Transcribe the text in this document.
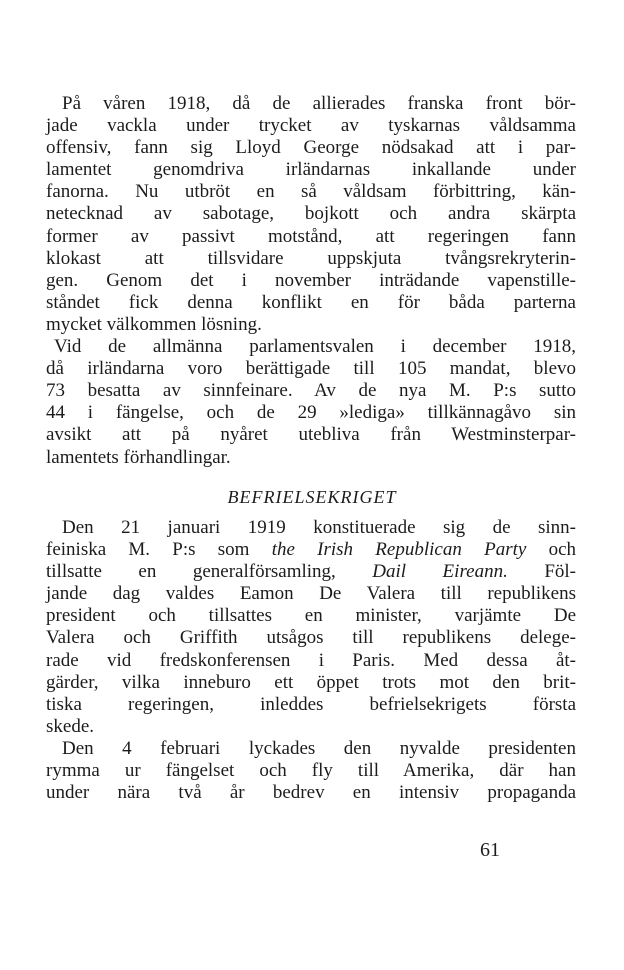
På våren 1918, då de allierades franska front bör-
jade vackla under trycket av tyskarnas våldsamma
offensiv, fann sig Lloyd George nödsakad att i par-
lamentet genomdriva irländarnas inkallande under
fanorna. Nu utbröt en så våldsam förbittring, kän-
netecknad av sabotage, bojkott och andra skärpta
former av passivt motstånd, att regeringen fann
klokast att tillsvidare uppskjuta tvångsrekryterin-
gen. Genom det i november inträdande vapenstille-
ståndet fick denna konflikt en för båda parterna
mycket välkommen lösning.
Vid de allmänna parlamentsvalen i december 1918,
då irländarna voro berättigade till 105 mandat, blevo
73 besatta av sinnfeinare. Av de nya M. P:s sutto
44 i fängelse, och de 29 »lediga» tillkännagåvo sin
avsikt att på nyåret utebliva från Westminsterpar-
lamentets förhandlingar.
BEFRIELSEKRIGET
Den 21 januari 1919 konstituerade sig de sinn-
feiniska M. P:s som the Irish Republican Party och
tillsatte en generalförsamling, Dail Eireann. Föl-
jande dag valdes Eamon De Valera till republikens
president och tillsattes en minister, varjämte De
Valera och Griffith utsågos till republikens delege-
rade vid fredskonferensen i Paris. Med dessa åt-
gärder, vilka inneburo ett öppet trots mot den brit-
tiska regeringen, inleddes befrielsekrigets första
skede.
Den 4 februari lyckades den nyvalde presidenten
rymma ur fängelset och fly till Amerika, där han
under nära två år bedrev en intensiv propaganda
61
